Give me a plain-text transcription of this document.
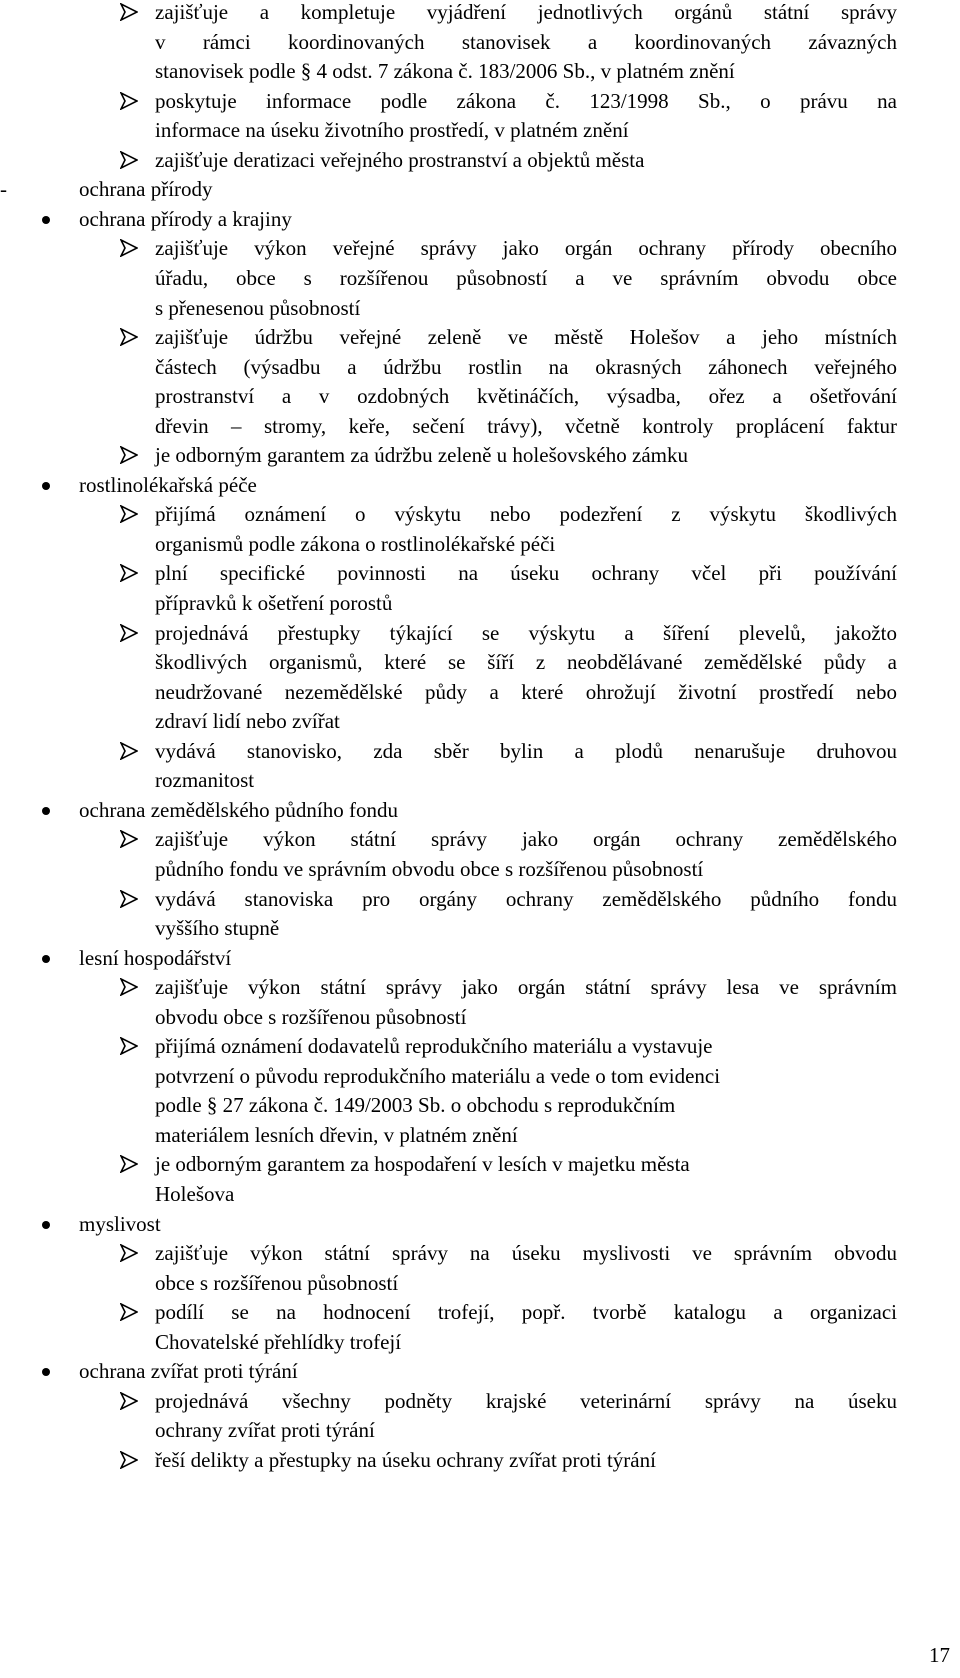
zajišťuje a kompletuje vyjádření jednotlivých orgánů státní správy
v rámci koordinovaných stanovisek a koordinovaných závazných
stanovisek podle § 4 odst. 7 zákona č. 183/2006 Sb., v platném znění
poskytuje informace podle zákona č. 123/1998 Sb., o právu na
informace na úseku životního prostředí, v platném znění
zajišťuje deratizaci veřejného prostranství a objektů města
-	ochrana přírody
ochrana přírody a krajiny
zajišťuje výkon veřejné správy jako orgán ochrany přírody obecního
úřadu, obce s rozšířenou působností a ve správním obvodu obce
s přenesenou působností
zajišťuje údržbu veřejné zeleně ve městě Holešov a jeho místních
částech (výsadbu a údržbu rostlin na okrasných záhonech veřejného
prostranství a v ozdobných květináčích, výsadba, ořez a ošetřování
dřevin – stromy, keře, sečení trávy), včetně kontroly proplácení faktur
je odborným garantem za údržbu zeleně u holešovského zámku
rostlinolékařská péče
přijímá oznámení o výskytu nebo podezření z výskytu škodlivých
organismů podle zákona o rostlinolékařské péči
plní specifické povinnosti na úseku ochrany včel při používání
přípravků k ošetření porostů
projednává přestupky týkající se výskytu a šíření plevelů, jakožto
škodlivých organismů, které se šíří z neobdělávané zemědělské půdy a
neudržované nezemědělské půdy a které ohrožují životní prostředí nebo
zdraví lidí nebo zvířat
vydává stanovisko, zda sběr bylin a plodů nenarušuje druhovou
rozmanitost
ochrana zemědělského půdního fondu
zajišťuje výkon státní správy jako orgán ochrany zemědělského
půdního fondu ve správním obvodu obce s rozšířenou působností
vydává stanoviska pro orgány ochrany zemědělského půdního fondu
vyššího stupně
lesní hospodářství
zajišťuje výkon státní správy jako orgán státní správy lesa ve správním
obvodu obce s rozšířenou působností
přijímá oznámení dodavatelů reprodukčního materiálu a vystavuje
potvrzení o původu reprodukčního materiálu a vede o tom evidenci
podle § 27 zákona č. 149/2003 Sb. o obchodu s reprodukčním
materiálem lesních dřevin, v platném znění
je odborným garantem za hospodaření v lesích v majetku města
Holešova
myslivost
zajišťuje výkon státní správy na úseku myslivosti ve správním obvodu
obce s rozšířenou působností
podílí se na hodnocení trofejí, popř. tvorbě katalogu a organizaci
Chovatelské přehlídky trofejí
ochrana zvířat proti týrání
projednává všechny podněty krajské veterinární správy na úseku
ochrany zvířat proti týrání
řeší delikty a přestupky na úseku ochrany zvířat proti týrání
17
